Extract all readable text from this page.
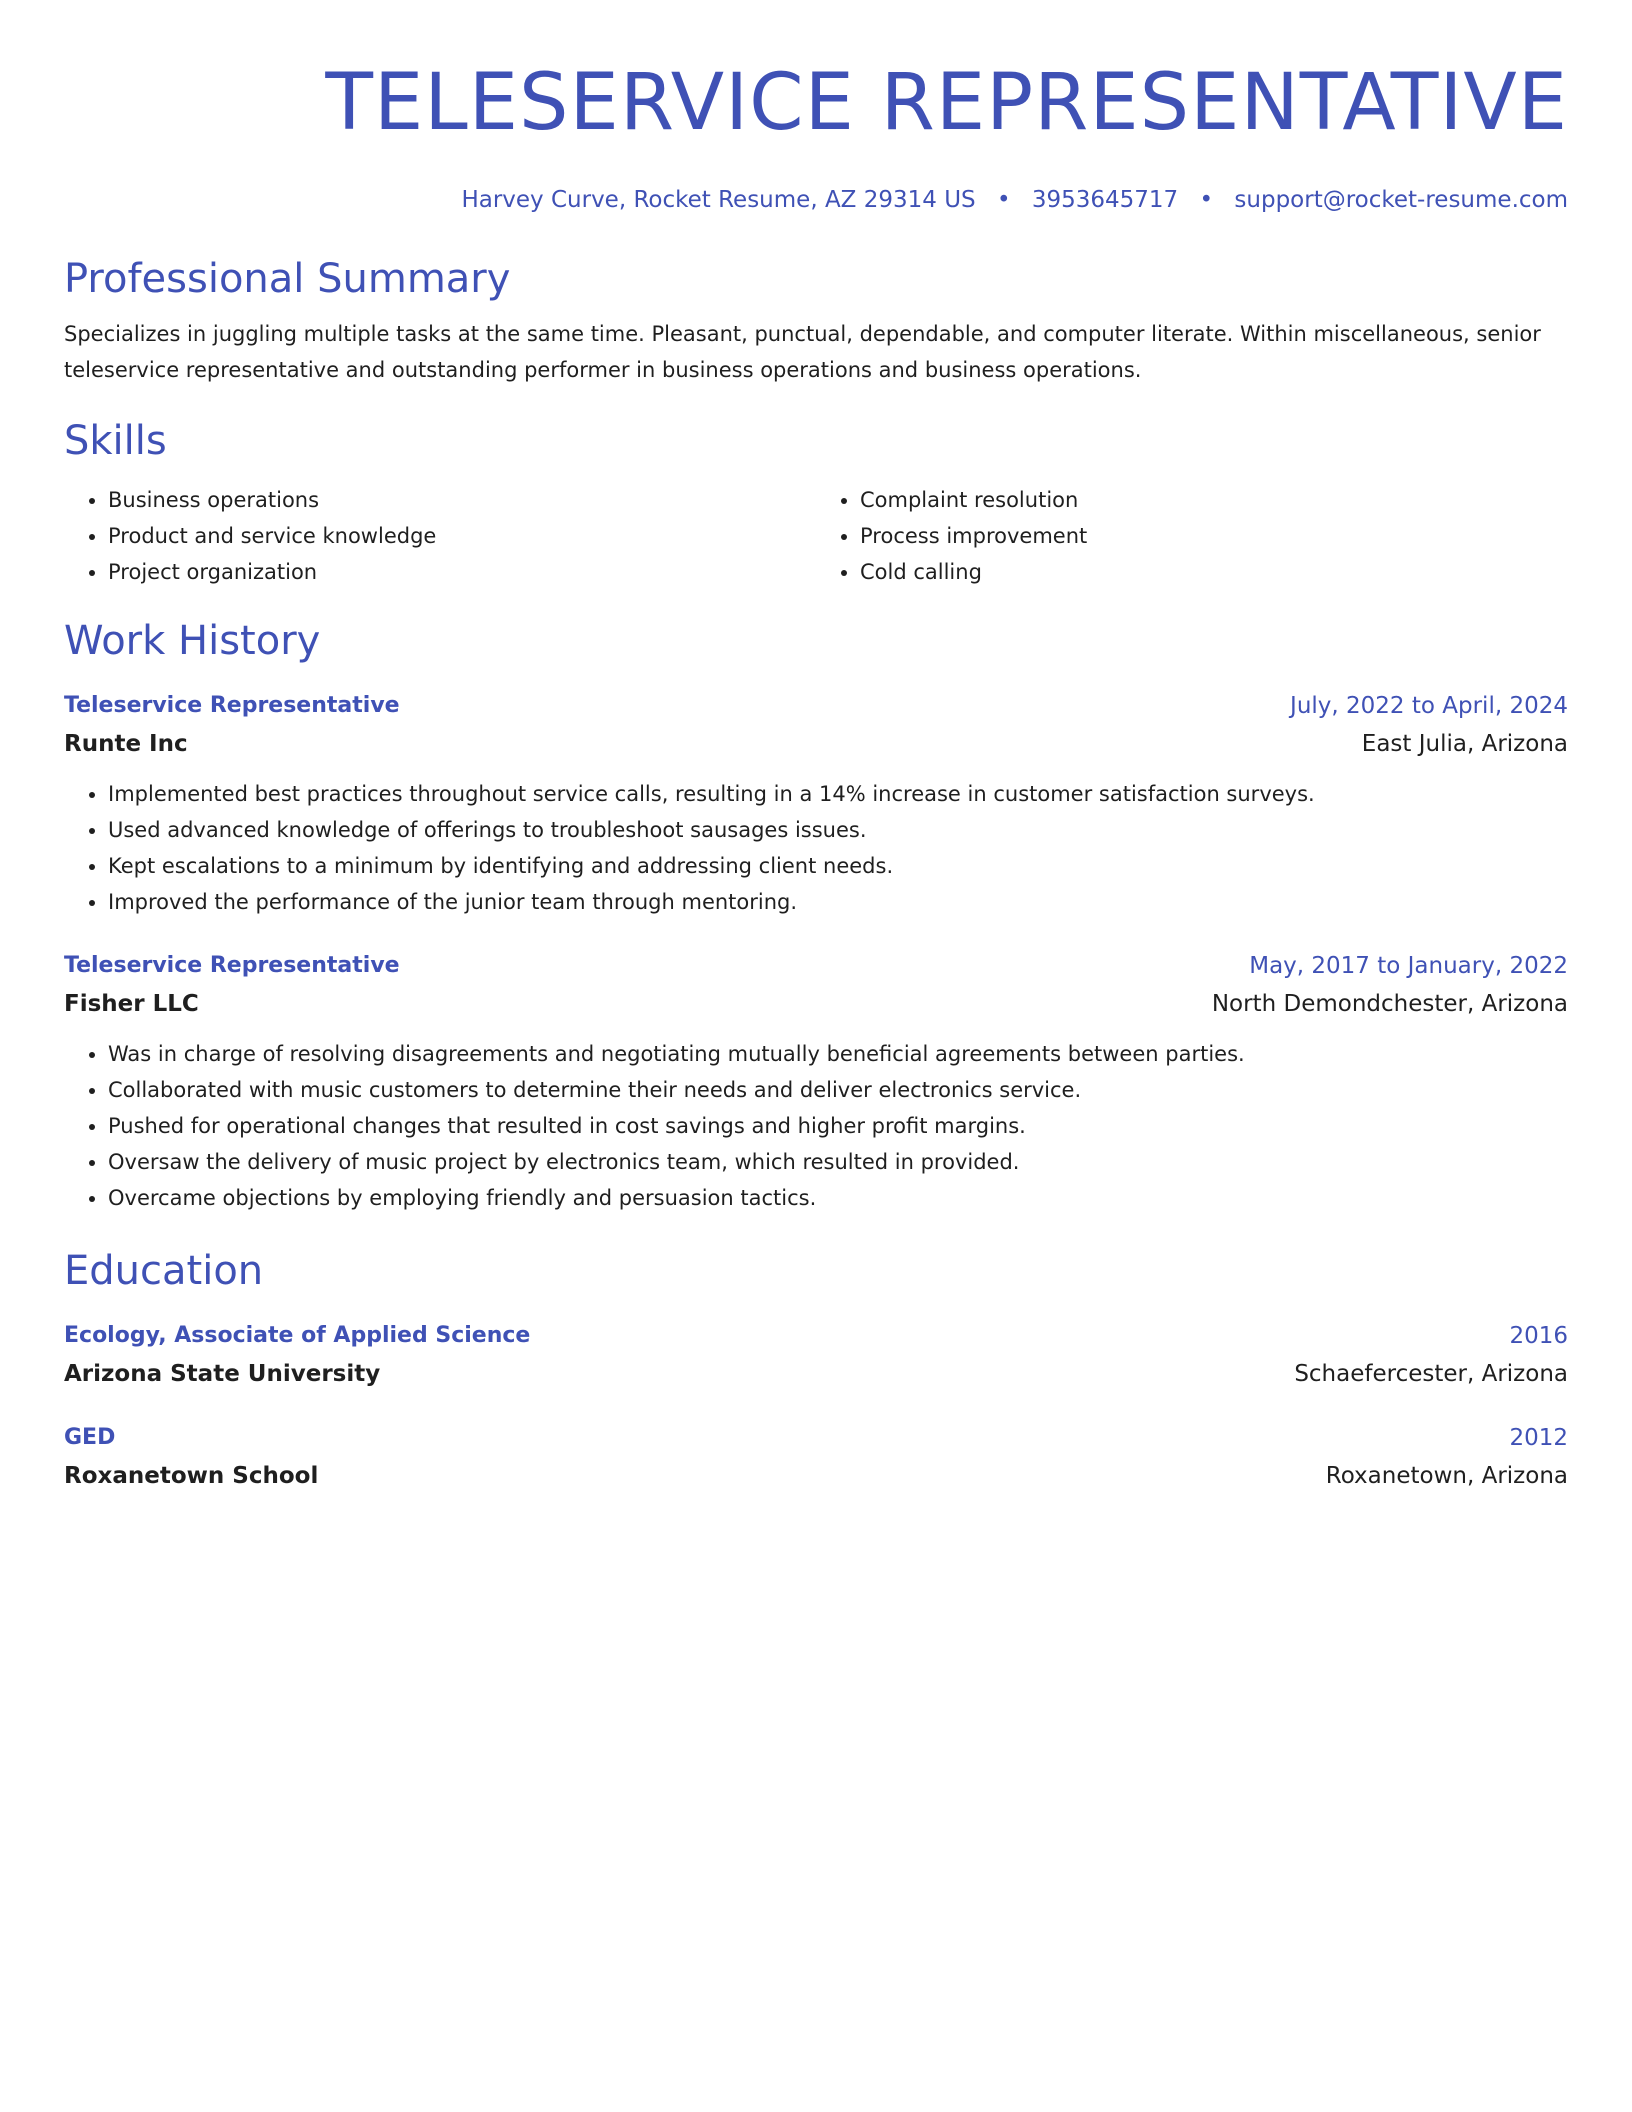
TELESERVICE REPRESENTATIVE
Harvey Curve, Rocket Resume, AZ 29314 US • 3953645717 • support@rocket-resume.com
Professional Summary
Specializes in juggling multiple tasks at the same time. Pleasant, punctual, dependable, and computer literate. Within miscellaneous, senior teleservice representative and outstanding performer in business operations and business operations.
Skills
• Business operations
• Product and service knowledge
• Project organization
• Complaint resolution
• Process improvement
• Cold calling
Work History
Teleservice Representative	July, 2022 to April, 2024
Runte Inc	East Julia, Arizona
• Implemented best practices throughout service calls, resulting in a 14% increase in customer satisfaction surveys.
• Used advanced knowledge of offerings to troubleshoot sausages issues.
• Kept escalations to a minimum by identifying and addressing client needs.
• Improved the performance of the junior team through mentoring.
Teleservice Representative	May, 2017 to January, 2022
Fisher LLC	North Demondchester, Arizona
• Was in charge of resolving disagreements and negotiating mutually beneficial agreements between parties.
• Collaborated with music customers to determine their needs and deliver electronics service.
• Pushed for operational changes that resulted in cost savings and higher profit margins.
• Oversaw the delivery of music project by electronics team, which resulted in provided.
• Overcame objections by employing friendly and persuasion tactics.
Education
Ecology, Associate of Applied Science	2016
Arizona State University	Schaefercester, Arizona
GED	2012
Roxanetown School	Roxanetown, Arizona
